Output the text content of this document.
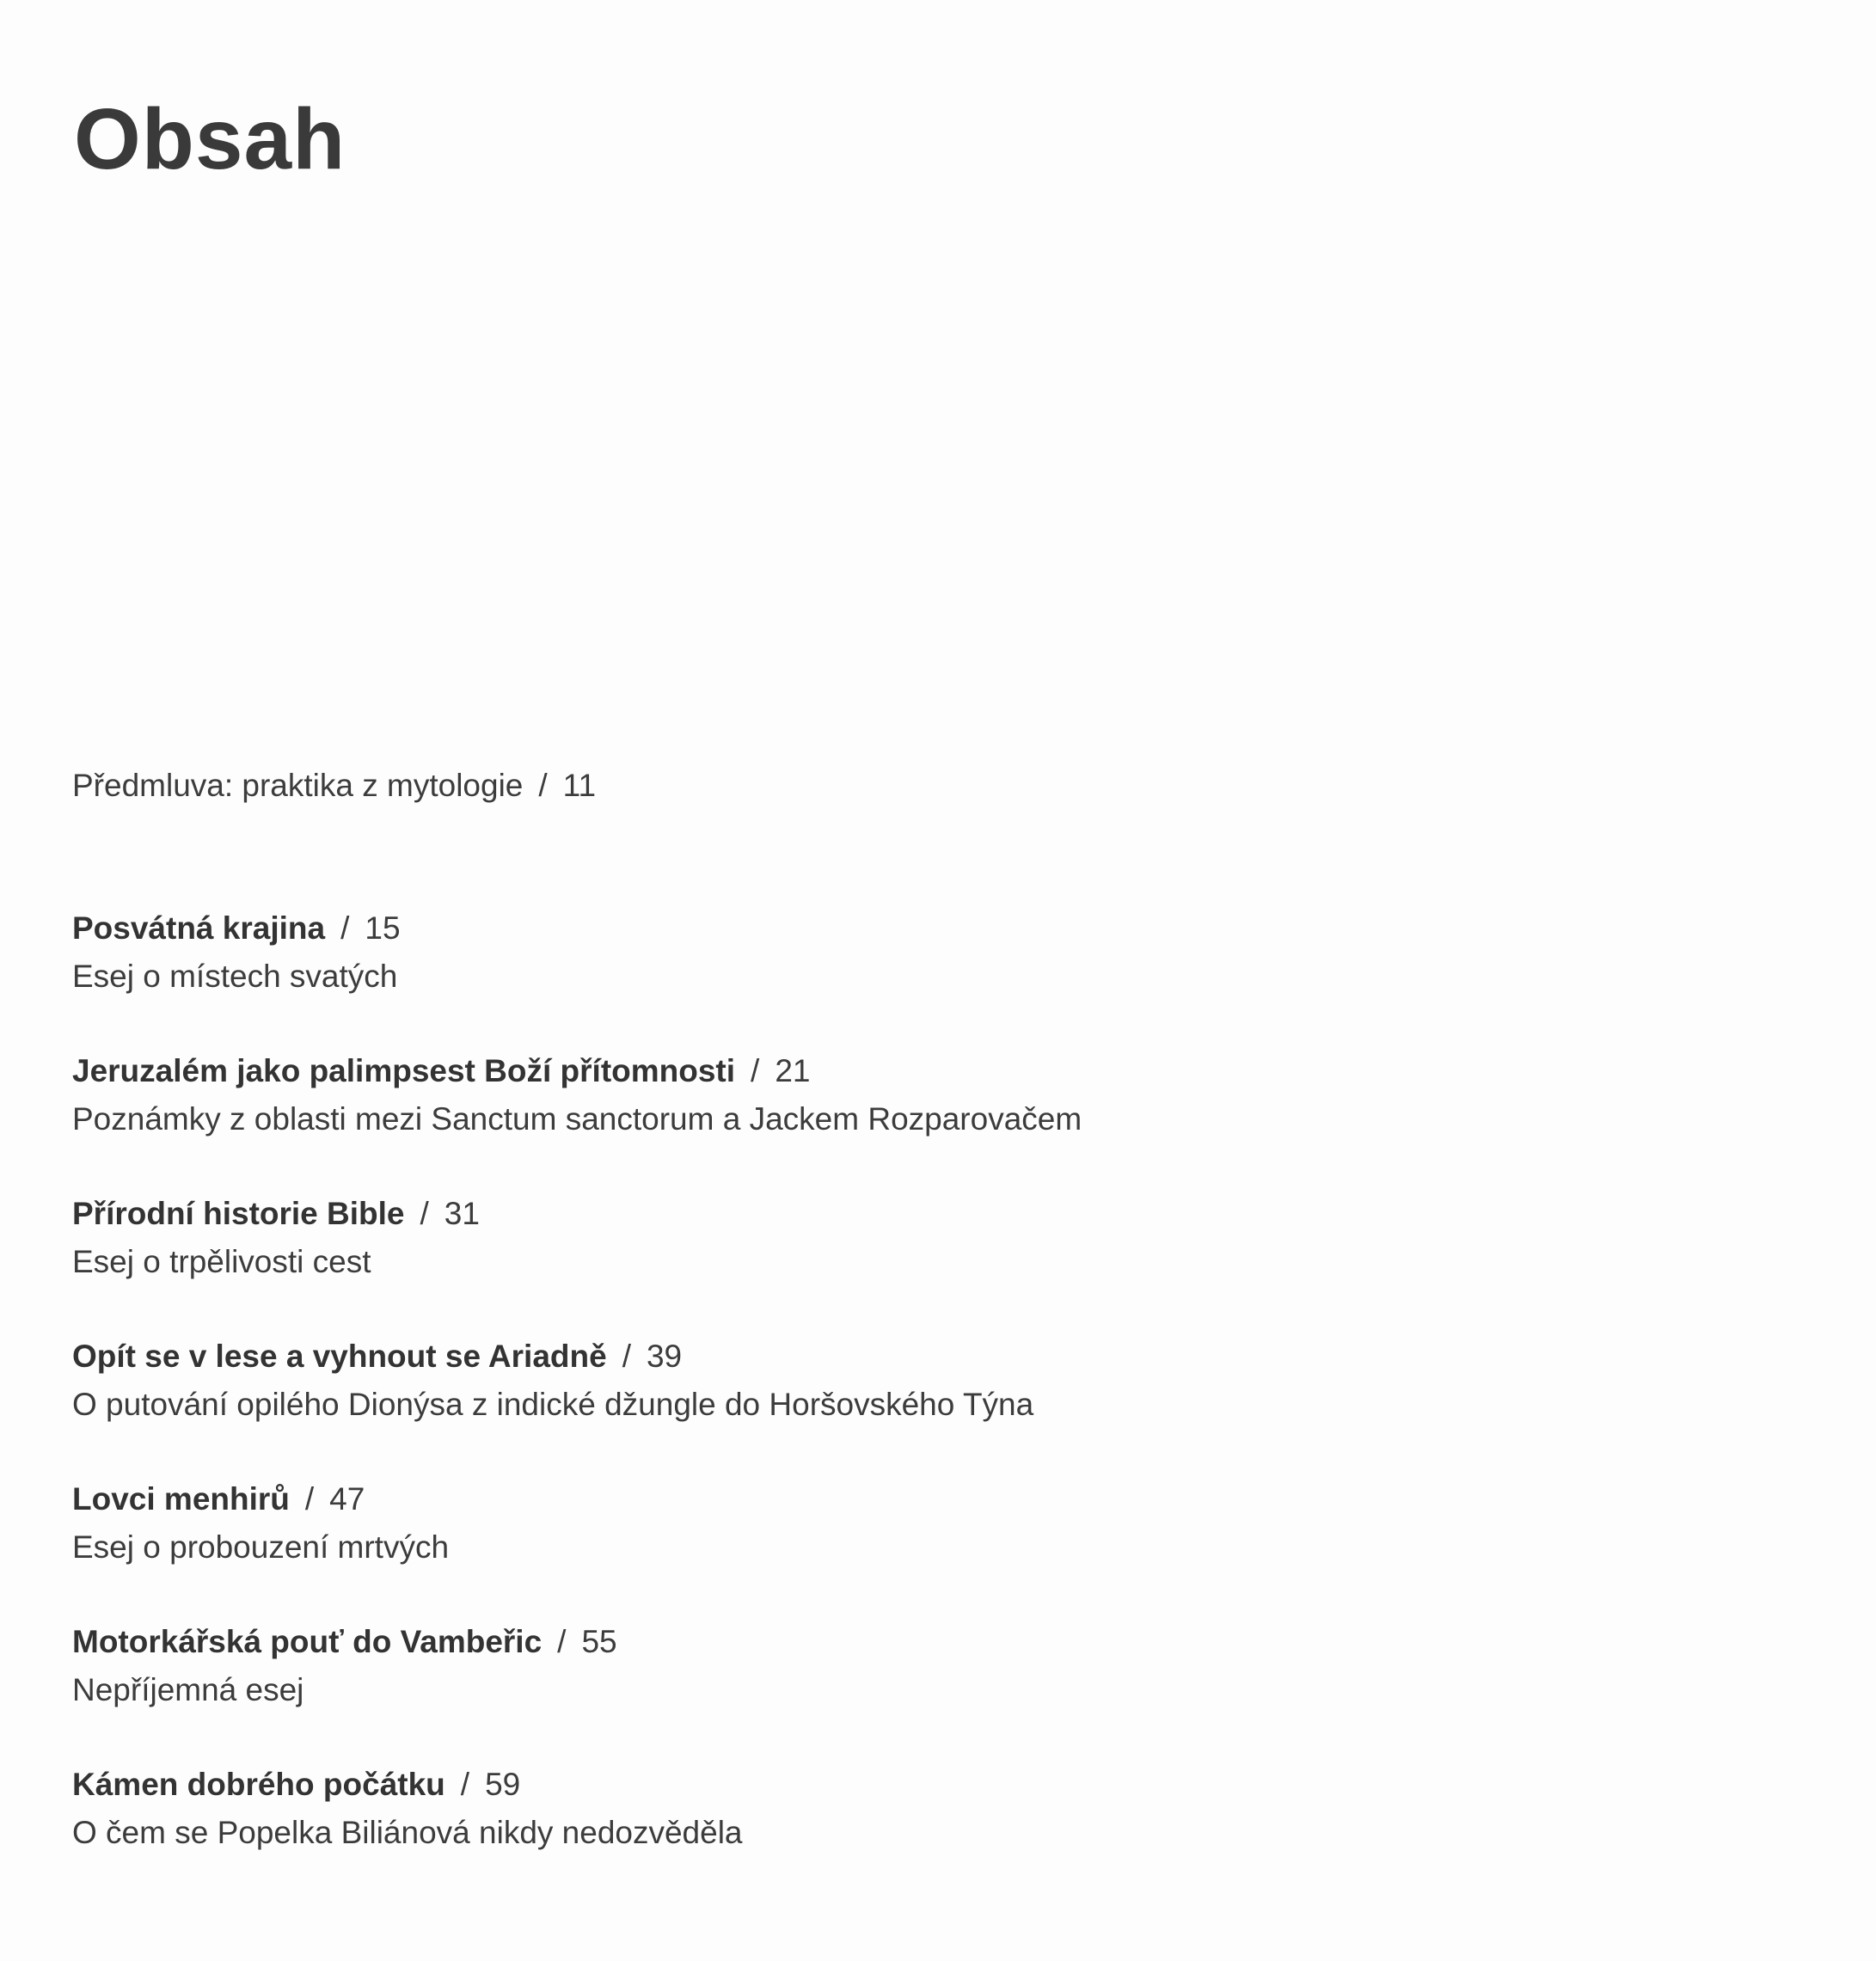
Obsah
Předmluva: praktika z mytologie / 11
Posvátná krajina / 15
Esej o místech svatých
Jeruzalém jako palimpsest Boží přítomnosti / 21
Poznámky z oblasti mezi Sanctum sanctorum a Jackem Rozparovačem
Přírodní historie Bible / 31
Esej o trpělivosti cest
Opít se v lese a vyhnout se Ariadně / 39
O putování opilého Dionýsa z indické džungle do Horšovského Týna
Lovci menhirů / 47
Esej o probouzení mrtvých
Motorkářská pouť do Vambeřic / 55
Nepříjemná esej
Kámen dobrého počátku / 59
O čem se Popelka Biliánová nikdy nedozvěděla
